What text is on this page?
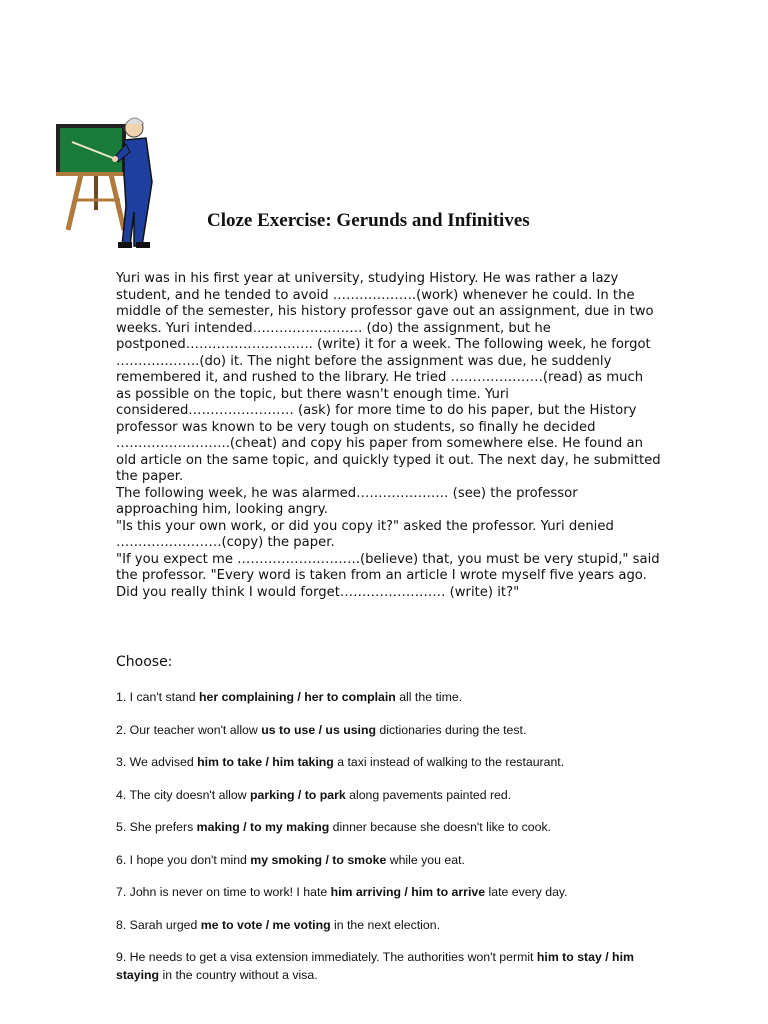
Cloze Exercise: Gerunds and Infinitives

Yuri was in his first year at university, studying History. He was rather a lazy student, and he tended to avoid ……………….(work) whenever he could. In the middle of the semester, his history professor gave out an assignment, due in two weeks. Yuri intended……………………. (do) the assignment, but he postponed……………………….. (write) it for a week. The following week, he forgot ……………….(do) it. The night before the assignment was due, he suddenly remembered it, and rushed to the library. He tried …………………(read) as much as possible on the topic, but there wasn't enough time. Yuri considered…………………… (ask) for more time to do his paper, but the History professor was known to be very tough on students, so finally he decided ……………………..(cheat) and copy his paper from somewhere else. He found an old article on the same topic, and quickly typed it out. The next day, he submitted the paper.

The following week, he was alarmed………………… (see) the professor approaching him, looking angry.

"Is this your own work, or did you copy it?" asked the professor. Yuri denied ……………………(copy) the paper.

"If you expect me ……………………….(believe) that, you must be very stupid," said the professor. "Every word is taken from an article I wrote myself five years ago. Did you really think I would forget…………………… (write) it?"

Choose:
1. I can't stand her complaining / her to complain all the time.
2. Our teacher won't allow us to use / us using dictionaries during the test.
3. We advised him to take / him taking a taxi instead of walking to the restaurant.
4. The city doesn't allow parking / to park along pavements painted red.
5. She prefers making / to my making dinner because she doesn't like to cook.
6. I hope you don't mind my smoking / to smoke while you eat.
7. John is never on time to work! I hate him arriving / him to arrive late every day.
8. Sarah urged me to vote / me voting in the next election.
9. He needs to get a visa extension immediately. The authorities won't permit him to stay / him staying in the country without a visa.
